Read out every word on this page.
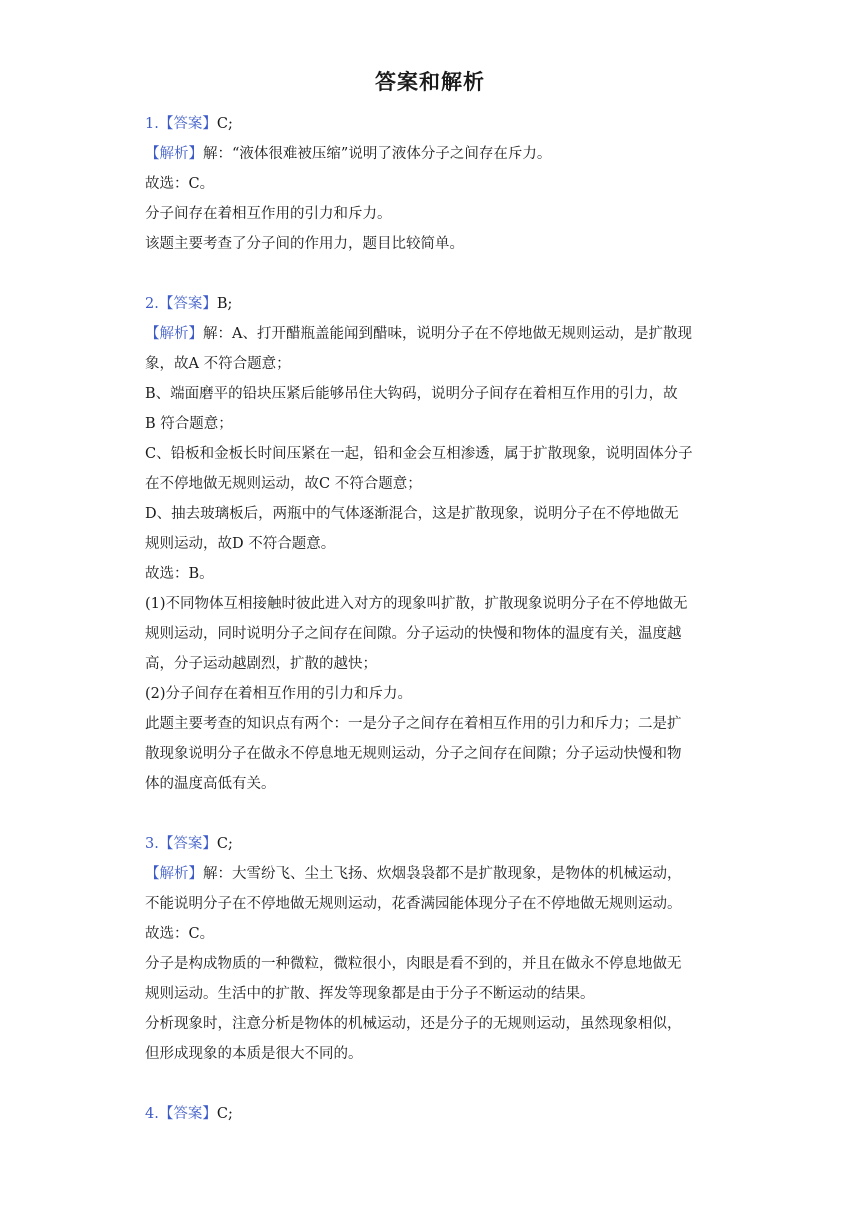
答案和解析
1.【答案】C;
【解析】解：“液体很难被压缩”说明了液体分子之间存在斥力。
故选：C。
分子间存在着相互作用的引力和斥力。
该题主要考查了分子间的作用力，题目比较简单。
2.【答案】B;
【解析】解：A、打开醋瓶盖能闻到醋味，说明分子在不停地做无规则运动，是扩散现
象，故A 不符合题意；
B、端面磨平的铅块压紧后能够吊住大钩码，说明分子间存在着相互作用的引力，故
B 符合题意；
C、铅板和金板长时间压紧在一起，铅和金会互相渗透，属于扩散现象，说明固体分子
在不停地做无规则运动，故C 不符合题意；
D、抽去玻璃板后，两瓶中的气体逐渐混合，这是扩散现象，说明分子在不停地做无
规则运动，故D 不符合题意。
故选：B。
(1)不同物体互相接触时彼此进入对方的现象叫扩散，扩散现象说明分子在不停地做无
规则运动，同时说明分子之间存在间隙。分子运动的快慢和物体的温度有关，温度越
高，分子运动越剧烈，扩散的越快；
(2)分子间存在着相互作用的引力和斥力。
此题主要考查的知识点有两个：一是分子之间存在着相互作用的引力和斥力；二是扩
散现象说明分子在做永不停息地无规则运动，分子之间存在间隙；分子运动快慢和物
体的温度高低有关。
3.【答案】C;
【解析】解：大雪纷飞、尘土飞扬、炊烟袅袅都不是扩散现象，是物体的机械运动，
不能说明分子在不停地做无规则运动，花香满园能体现分子在不停地做无规则运动。
故选：C。
分子是构成物质的一种微粒，微粒很小，肉眼是看不到的，并且在做永不停息地做无
规则运动。生活中的扩散、挥发等现象都是由于分子不断运动的结果。
分析现象时，注意分析是物体的机械运动，还是分子的无规则运动，虽然现象相似，
但形成现象的本质是很大不同的。
4.【答案】C;
